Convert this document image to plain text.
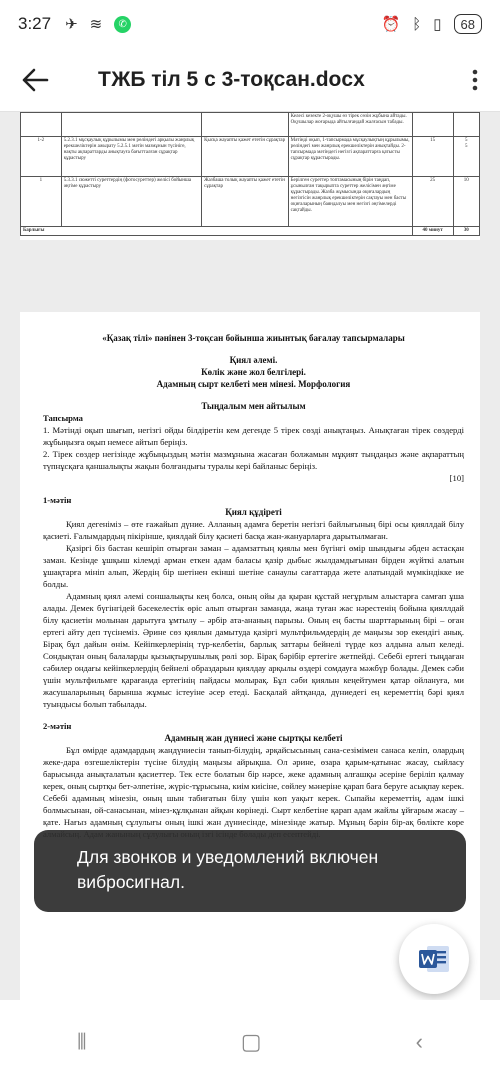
3:27 ✈ ≋	✆	⏰ ᛒ ▯	68
ТЖБ тіл 5 с 3-тоқсан.docx
			Келесі кезекте 2-оқушы өз тірек сөзін жұбына айтады. Оқушылар жоғарыда айтылғандай жалғасын табады.		
1-2	5.2.3.1 мұсқаулық құрылымы мен рөліндегі арқылы жанрлық ерекшеліктерін ажырату 5.2.5.1 мәтін мазмұнын түсініге, нақты ақпараттарды анықтауға бағытталған сұрақтар құрастыру	Қысқа жауапты қажет ететін сұрақтар	Мәтінді оқып, 1-тапсырмада мұсқаулықтың құрылымы, рөліндегі мен жанрлық ерекшеліктерін анықтайды. 2-тапсырмада мәтіндегі негізгі ақпараттарға қатысты сұрақтар құрастырады.	15	5
5

1	5.3.3.1 сюжетті суреттердің (фотосуреттер) желісі бойынша әңгіме құрастыру	Жазбаша толық жауапты қажет ететін сұрақтар	Берілген суреттер топтамасының бірін таңдап, ұсынылған тақырыпта суреттер желісімен әңгіме құрастырады. Жазба жұмысында оқиғалардың негізгісін жанрлық ерекшеліктерін сақтауы мен басты оқиғаларының баяндалуы мен негізгі әңгімелерді сақтайды.	25	10
Барлығы				40 минут	30
«Қазақ тілі» пәнінен 3-тоқсан бойынша жиынтық бағалау тапсырмалары
Қиял әлемі.
Көлік және жол белгілері.
Адамның сырт келбеті мен мінезі. Морфология
Тыңдалым мен айтылым
Тапсырма
1. Мәтінді оқып шығып, негізгі ойды білдіретін кем дегенде 5 тірек сөзді анықтаңыз. Анықтаған тірек сөздерді жұбыңызға оқып немесе айтып беріңіз.
2. Тірек сөздер негізінде жұбыңыздың мәтін мазмұнына жасаған болжамын мұқият тыңдаңыз және ақпараттың түпнұсқаға қаншалықты жақын болғандығы туралы кері байланыс беріңіз.
[10]
1-мәтін
Қиял құдіреті
Қиял дегеніміз – өте ғажайып дүние. Алланың адамға беретін негізгі байлығының бірі осы қияллдай білу қасиеті. Ғалымдардың пікірінше, қиялдай білу қасиеті басқа жан-жануарларға дарытылмаған.
Қазіргі біз бастан кешіріп отырған заман – адамзаттың қиялы мен бүгінгі өмір шындығы әбден астасқан заман. Кезінде ұшқыш кілемді арман еткен адам баласы қазір дыбыс жылдамдығынан бірден жүйткі алатын ұшақтарға мініп алып, Жердің бір шетінен екінші шетіне санаулы сағаттарда жете алатындай мүмкіндікке ие болды.
Адамның қиял әлемі соншалықты кең болса, оның ойы да қыран құстай негұрлым алыстарға самғап ұша алады. Демек бүгінгідей бәсекелестік өріс алып отырған заманда, жаңа туған жас нәрестенің бойына қияллдай білу қасиетін молынан дарытуға ұмтылу – әрбір ата-ананың парызы. Оның ең басты шарттарының бірі – оған ертегі айту деп түсінеміз. Әрине сөз қиялын дамытуда қазіргі мультфильмдердің де маңызы зор екендігі анық. Бірақ бұл дайын өнім. Кейіпкерлерінің түр-келбетін, барлық заттары бейнелі түрде көз алдына алып келеді. Сондықтан оның балаларды қызықтырушылық рөлі зор. Бірақ бәрібір ертегіге жетпейді. Себебі ертегі тыңдаған сәбилер ондағы кейіпкерлердің бейнелі образдарын қиялдау арқылы өздері сомдауға мәжбүр болады. Демек сәби үшін мультфильмге қарағанда ертегінің пайдасы молырақ. Бұл сәби қиялын кеңейтумен қатар ойлануға, ми жасушаларының барынша жұмыс істеуіне әсер етеді. Басқалай айтқанда, дүниедегі ең кереметтің бәрі қиял туындысы болып табылады.
2-мәтін
Адамның жан дүниесі және сыртқы келбеті
Бұл өмірде адамдардың жандүниесін танып-білудің, әрқайсысының сана-сезімімен санаса келіп, олардың жеке-дара өзгешеліктерін түсіне білудің маңызы айрықша. Ол әрине, өзара қарым-қатынас жасау, сыйласу барысында анықталатын қасиеттер. Тек есте болатын бір нәрсе, жеке адамның алғашқы әсеріне беріліп қалмау керек, оның сыртқы бет-әлпетіне, жүріс-тұрысына, киім киісіне, сөйлеу мәнеріне қарап баға беруге асықпау керек. Себебі адамның мінезін, оның шын табиғатын білу үшін көп уақыт керек. Сыпайы кереметтің, адам ішкі болмысынан, ой-санасынан, мінез-құлқынан айқын көрінеді. Сырт келбетіне қарап адам жайлы ұйғарым жасау – қате. Нағыз адамның сұлулығы оның ішкі жан дүниесінде, мінезінде жатыр. Мұның бәрін бір-ақ бөлікте көре
Для звонков и уведомлений включен вибросигнал.
⦀	▢	‹
